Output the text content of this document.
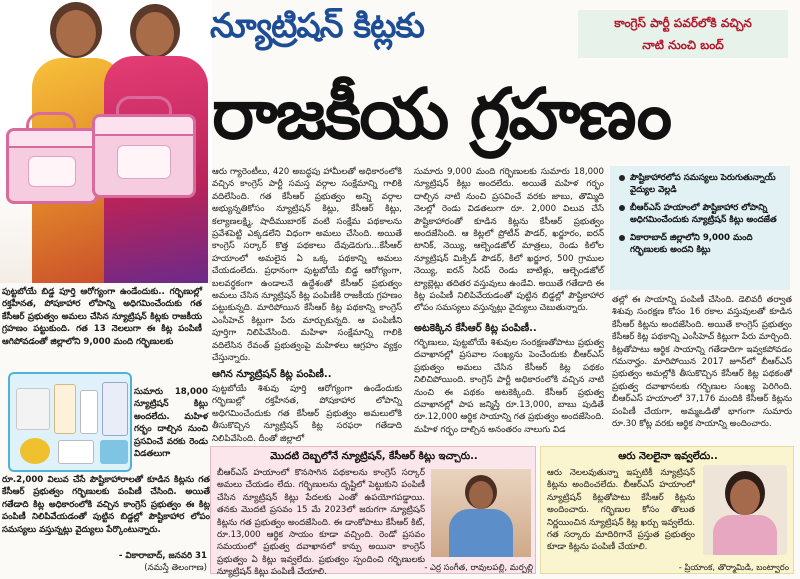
న్యూట్రిషన్ కిట్లకు	కాంగ్రెస్ పార్టీ పవర్‌లోకి వచ్చిన
నాటి నుంచి బంద్
రాజకీయ గ్రహణం
పౌష్టికాహారలోప సమస్యలు పెరుగుతున్నాయ్ వైద్యుల వెల్లడి
బీఆర్‌ఎస్ హయాంలో పౌష్టికాహార లోపాన్ని అధిగమించేందుకు న్యూట్రిషన్ కిట్లు అందజేత
వికారాబాద్ జిల్లాలోని 9,000 మంది గర్భిణులకు అందని కిట్లు
పుట్టబోయే బిడ్డ పూర్తి ఆరోగ్యంగా ఉండేందుకు.. గర్భిణుల్లో రక్తహీనత, పోషకాహార లోపాన్ని అధిగమించేందుకు గత కేసీఆర్ ప్రభుత్వం అమలు చేసిన న్యూట్రిషన్ కిట్లకు రాజకీయ గ్రహణం పట్టుకుంది. గత 13 నెలలుగా ఈ కిట్ల పంపిణీ ఆగిపోవడంతో జిల్లాలోని 9,000 మంది గర్భిణులకు
సుమారు 18,000 న్యూట్రిషన్ కిట్లు అందలేదు. మహిళ గర్భం దాల్చిన నుంచి ప్రసవించే వరకు రెండు విడతలుగా
రూ.2,000 విలువ చేసే పౌష్టికాహారాలతో కూడిన కిట్లను గత కేసీఆర్ ప్రభుత్వం గర్భిణులకు పంపిణీ చేసింది. అయితే గతేడాది కిట్ల అధికారంలోకి వచ్చిన కాంగ్రెస్ ప్రభుత్వం ఈ కిట్ల పంపిణీ నిలిపివేయడంతో పుట్టిన బిడ్డల్లో పౌష్టికాహార లోపం సమస్యలు వస్తున్నట్లు వైద్యులు పేర్కొంటున్నారు.
- వికారాబాద్, జనవరి 31
(నమస్తే తెలంగాణ)
ఆరు గ్యారెంటీలు, 420 అబద్ధపు హామీలతో అధికారంలోకి వచ్చిన కాంగ్రెస్ పార్టీ సమస్త వర్గాల సంక్షేమాన్ని గాలికి వదిలేసింది. గత కేసీఆర్ ప్రభుత్వం అన్ని వర్గాల అభ్యున్నతికోసం న్యూట్రిషన్ కిట్లు, కేసీఆర్ కిట్లు, కల్యాణలక్ష్మి, షాదీముబారక్ వంటి సంక్షేమ పథకాలను ప్రవేశపెట్టి ఎక్కడలేని విధంగా అమలు చేసింది. అయితే కాంగ్రెస్ సర్కార్ కొత్త పథకాలు దేవుడెరుగు...కేసీఆర్ హయాంలో అమలైన ఏ ఒక్క పథకాన్ని అమలు చేయడంలేదు. ప్రధానంగా పుట్టబోయే బిడ్డ ఆరోగ్యంగా, బలవర్ధకంగా ఉండాలనే ఉద్దేశంతో కేసీఆర్ ప్రభుత్వం అమలు చేసిన న్యూట్రిషన్ కిట్ల పంపిణీకి రాజకీయ గ్రహణం పట్టుకున్నది. మారిపోయిన కేసీఆర్ కిట్ల పథకాన్ని కాంగ్రెస్ ఎంసీహెచ్ కిట్లుగా పేరు మార్చుకున్నది. ఆ పంపిణీని పూర్తిగా నిలిపివేసింది. మహిళా సంక్షేమాన్ని గాలికి వదిలేసిన రేవంత్ ప్రభుత్వంపై మహిళలు ఆగ్రహం వ్యక్తం చేస్తున్నారు.
ఆగిన న్యూట్రిషన్ కిట్ల పంపిణీ..
పుట్టబోయే శిశువు పూర్తి ఆరోగ్యంగా ఉండేందుకు గర్భిణుల్లో రక్తహీనత, పోషకాహార లోపాన్ని అధిగమించేందుకు గత కేసీఆర్ ప్రభుత్వం అమలులోకి తీసుకొచ్చిన న్యూట్రిషన్ కిట్ల సరఫరా గతేడాది నిలిపివేసింది. దీంతో జిల్లాలో
సుమారు 9,000 మంది గర్భిణులకు సుమారు 18,000 న్యూట్రిషన్ కిట్లు అందలేదు. అయితే మహిళ గర్భం దాల్చిన నాటి నుంచి ప్రసవించే వరకు జాబు, తొమ్మిది నెలల్లో రెండు విడతలుగా రూ. 2,000 విలువ చేసే పౌష్టికాహారంతో కూడిన కిట్లను కేసీఆర్ ప్రభుత్వం అందజేసింది. ఆ కిట్లలో ప్రోటీన్ పౌడర్, ఖర్జూరం, ఐరన్ టానిక్, నెయ్యి, ఆల్బెండజోల్ మాత్రలు, రెండు కిలోల న్యూట్రిషన్ మిక్సిడ్ పౌడర్, కిలో ఖర్జూర, 500 గ్రాముల నెయ్యి, ఐరన్ సిరప్ రెండు బాటిళ్లు, ఆల్బెండజోల్ ట్యాబ్లెట్లు తదితర వస్తువులు ఉండేవి. అయితే గతేడాది ఈ కిట్ల పంపిణీ నిలిపివేయడంతో పుట్టిన బిడ్డల్లో పౌష్టికాహార లోపం సమస్యలు వస్తున్నట్లు వైద్యులు చెబుతున్నారు.
అటకెక్కిన కేసీఆర్ కిట్ల పంపిణీ..
గర్భిణులు, పుట్టబోయే శిశువుల సంరక్షణతోపాటు ప్రభుత్వ దవాఖానల్లో ప్రసవాల సంఖ్యను పెంచేందుకు బీఆర్‌ఎస్ ప్రభుత్వం అమలు చేసిన కేసీఆర్ కిట్ల పథకం నిలిచిపోయింది. కాంగ్రెస్ పార్టీ అధికారంలోకి వచ్చిన నాటి నుంచి ఈ పథకం అటకెక్కింది. కేసీఆర్ ప్రభుత్వ దవాఖానల్లో పాప జన్మిస్తే రూ.13,000, బాబు పుడితే రూ.12,000 ఆర్థిక సాయాన్ని గత ప్రభుత్వం అందజేసింది. మహిళ గర్భం దాల్చిన అనంతరం నాలుగు విడ
తల్లో ఈ సాయాన్ని పంపిణీ చేసింది. డెలివరీ తర్వాత శిశువు సంరక్షణ కోసం 16 రకాల వస్తువులతో కూడిన కేసీఆర్ కిట్లను అందజేసింది. అయితే కాంగ్రెస్ ప్రభుత్వం కేసీఆర్ కిట్ల పథకాన్ని ఎంసీహెచ్ కిట్లుగా పేరు మార్చింది. కిట్లతోపాటు ఆర్థిక సాయాన్ని గతేడాదిగా ఇవ్వకపోవడం గమనార్హం. మారిపోయిన 2017 జూన్‌లో బీఆర్‌ఎస్ ప్రభుత్వం అమల్లోకి తీసుకొచ్చిన కేసీఆర్ కిట్ల పథకంతో ప్రభుత్వ దవాఖానలకు గర్భిణుల సంఖ్య పెరిగింది. బీఆర్‌ఎస్ హయాంలో 37,176 మందికి కేసీఆర్ కిట్లను పంపిణీ చేయగా, అమ్మఒడితో భాగంగా సుమారు రూ.30 కోట్ల వరకు ఆర్థిక సాయాన్ని అందించారు.
మొదటి దెబ్బలోనే న్యూట్రిషన్, కేసీఆర్ కిట్లు ఇచ్చారు..
బీఆర్‌ఎస్ హయాంలో కొనసాగిన పథకాలను కాంగ్రెస్ సర్కార్ అమలు చేయడం లేదు. గర్భిణులను దృష్టిలో పెట్టుకుని పంపిణీ చేసిన న్యూట్రిషన్ కిట్లు పేదలకు ఎంతో ఉపయోగపడ్డాయి. తనకు మొదటి ప్రసవం 15 మే 2023లో జరుగగా న్యూట్రిషన్ కిట్లను గత ప్రభుత్వం అందజేసింది. ఈ డాంకోపాటు కేసీఆర్ కిట్, రూ.13,000 ఆర్థిక సాయం కూడా వచ్చింది. రెండో ప్రసవం సమయంలో ప్రభుత్వ దవాఖానలో కాన్పు అయినా కాంగ్రెస్ ప్రభుత్వం ఏ కిట్లు ఇవ్వలేదు. ప్రభుత్వం స్పందించి గర్భిణులకు న్యూట్రిషన్ కిట్లు పంపిణీ చేయాలి.
- ఎర్ర సంగీత, రావులపల్లి, మర్పల్లి
ఆరు నెలలైనా ఇవ్వలేదు..
ఆరు నెలలవుతున్నా ఇప్పటికీ న్యూట్రిషన్ కిట్లను అందించలేదు. బీఆర్‌ఎస్ హయాంలో న్యూట్రిషన్ కిట్లతోపాటు కేసీఆర్ కిట్లను అందించారు. గర్భిణుల కోసం తొలుత నిర్ణయించిన న్యూట్రిషన్ కిట్ల ఖర్చు ఇవ్వలేదు. గత సర్కారు మాదిరిగానే ప్రస్తుత ప్రభుత్వం కూడా కిట్లను పంపిణీ చేయాలి.
- ప్రియాంక, తొర్మామిడి, బంట్వారం
